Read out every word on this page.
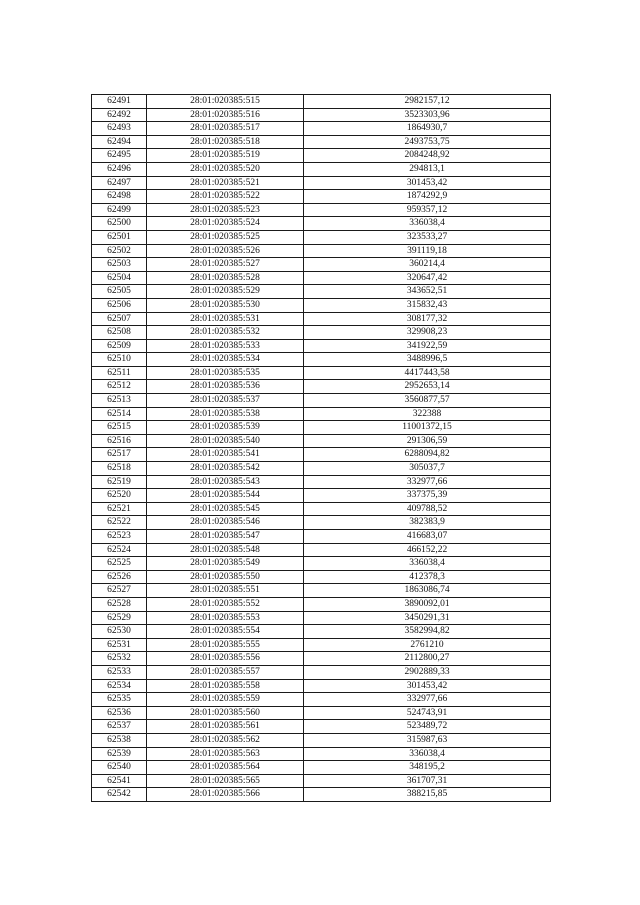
62491	28:01:020385:515	2982157,12
62492	28:01:020385:516	3523303,96
62493	28:01:020385:517	1864930,7
62494	28:01:020385:518	2493753,75
62495	28:01:020385:519	2084248,92
62496	28:01:020385:520	294813,1
62497	28:01:020385:521	301453,42
62498	28:01:020385:522	1874292,9
62499	28:01:020385:523	959357,12
62500	28:01:020385:524	336038,4
62501	28:01:020385:525	323533,27
62502	28:01:020385:526	391119,18
62503	28:01:020385:527	360214,4
62504	28:01:020385:528	320647,42
62505	28:01:020385:529	343652,51
62506	28:01:020385:530	315832,43
62507	28:01:020385:531	308177,32
62508	28:01:020385:532	329908,23
62509	28:01:020385:533	341922,59
62510	28:01:020385:534	3488996,5
62511	28:01:020385:535	4417443,58
62512	28:01:020385:536	2952653,14
62513	28:01:020385:537	3560877,57
62514	28:01:020385:538	322388
62515	28:01:020385:539	11001372,15
62516	28:01:020385:540	291306,59
62517	28:01:020385:541	6288094,82
62518	28:01:020385:542	305037,7
62519	28:01:020385:543	332977,66
62520	28:01:020385:544	337375,39
62521	28:01:020385:545	409788,52
62522	28:01:020385:546	382383,9
62523	28:01:020385:547	416683,07
62524	28:01:020385:548	466152,22
62525	28:01:020385:549	336038,4
62526	28:01:020385:550	412378,3
62527	28:01:020385:551	1863086,74
62528	28:01:020385:552	3890092,01
62529	28:01:020385:553	3450291,31
62530	28:01:020385:554	3582994,82
62531	28:01:020385:555	2761210
62532	28:01:020385:556	2112800,27
62533	28:01:020385:557	2902889,33
62534	28:01:020385:558	301453,42
62535	28:01:020385:559	332977,66
62536	28:01:020385:560	524743,91
62537	28:01:020385:561	523489,72
62538	28:01:020385:562	315987,63
62539	28:01:020385:563	336038,4
62540	28:01:020385:564	348195,2
62541	28:01:020385:565	361707,31
62542	28:01:020385:566	388215,85
